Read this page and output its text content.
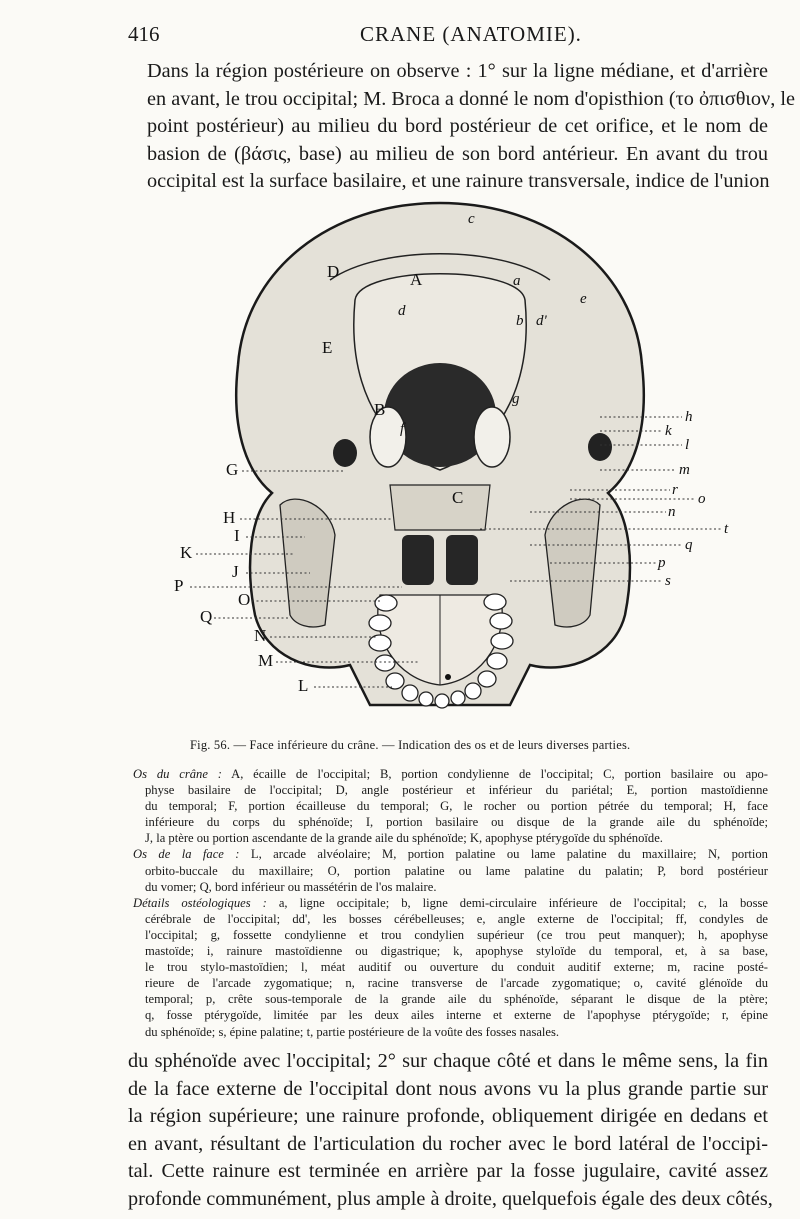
416	CRANE (ANATOMIE).
Dans la région postérieure on observe : 1° sur la ligne médiane, et d'arrière
en avant, le trou occipital; M. Broca a donné le nom d'opisthion (το ὀπισθιον, le
point postérieur) au milieu du bord postérieur de cet orifice, et le nom de
basion de (βάσις, base) au milieu de son bord antérieur. En avant du trou
occipital est la surface basilaire, et une rainure transversale, indice de l'union
c
D	A	a
e
d
b d'
E
B
f
g
C
G
H
I
K
J
P
O
Q
N
M
L
h
k
l
m
r
o
n
t
q
p
s
Fig. 56. — Face inférieure du crâne. — Indication des os et de leurs diverses parties.

Os du crâne : A, écaille de l'occipital; B, portion condylienne de l'occipital; C, portion basilaire ou apo-
physe basilaire de l'occipital; D, angle postérieur et inférieur du pariétal; E, portion mastoïdienne
du temporal; F, portion écailleuse du temporal; G, le rocher ou portion pétrée du temporal; H, face
inférieure du corps du sphénoïde; I, portion basilaire ou disque de la grande aile du sphénoïde;
J, la ptère ou portion ascendante de la grande aile du sphénoïde; K, apophyse ptérygoïde du sphénoïde.

Os de la face : L, arcade alvéolaire; M, portion palatine ou lame palatine du maxillaire; N, portion
orbito-buccale du maxillaire; O, portion palatine ou lame palatine du palatin; P, bord postérieur
du vomer; Q, bord inférieur ou massétérin de l'os malaire.

Détails ostéologiques : a, ligne occipitale; b, ligne demi-circulaire inférieure de l'occipital; c, la bosse
cérébrale de l'occipital; dd', les bosses cérébelleuses; e, angle externe de l'occipital; ff, condyles de
l'occipital; g, fossette condylienne et trou condylien supérieur (ce trou peut manquer); h, apophyse
mastoïde; i, rainure mastoïdienne ou digastrique; k, apophyse styloïde du temporal, et, à sa base,
le trou stylo-mastoïdien; l, méat auditif ou ouverture du conduit auditif externe; m, racine posté-
rieure de l'arcade zygomatique; n, racine transverse de l'arcade zygomatique; o, cavité glénoïde du
temporal; p, crête sous-temporale de la grande aile du sphénoïde, séparant le disque de la ptère;
q, fosse ptérygoïde, limitée par les deux ailes interne et externe de l'apophyse ptérygoïde; r, épine
du sphénoïde; s, épine palatine; t, partie postérieure de la voûte des fosses nasales.

du sphénoïde avec l'occipital; 2° sur chaque côté et dans le même sens, la fin
de la face externe de l'occipital dont nous avons vu la plus grande partie sur
la région supérieure; une rainure profonde, obliquement dirigée en dedans et
en avant, résultant de l'articulation du rocher avec le bord latéral de l'occipi-
tal. Cette rainure est terminée en arrière par la fosse jugulaire, cavité assez
profonde communément, plus ample à droite, quelquefois égale des deux côtés,
